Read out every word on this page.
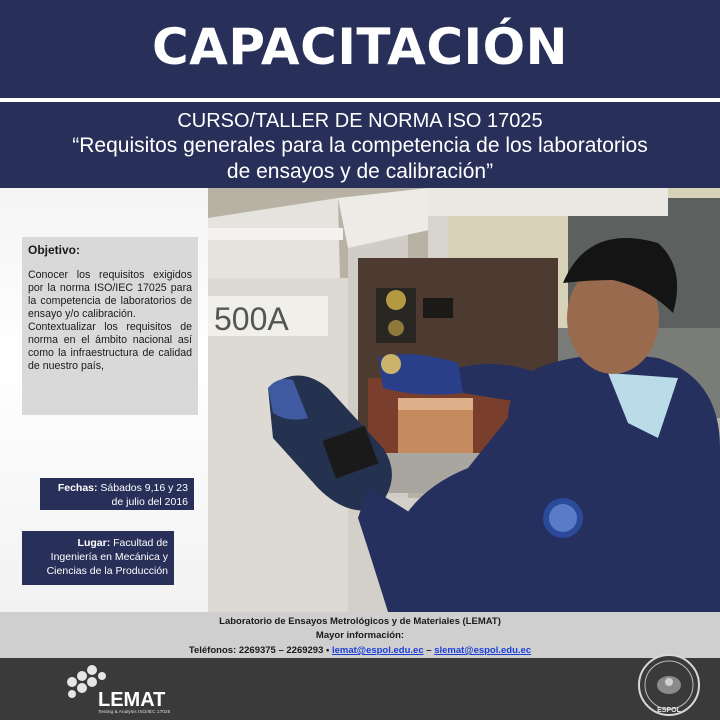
CAPACITACIÓN
CURSO/TALLER DE NORMA ISO 17025
“Requisitos generales para la competencia de los laboratorios
de ensayos y de calibración”
Objetivo:

Conocer los requisitos exigidos por la norma ISO/IEC 17025 para la competencia de laboratorios de ensayo y/o calibración.

Contextualizar los requisitos de norma en el ámbito nacional así como la infraestructura de calidad de nuestro país,

Fechas: Sábados 9,16 y 23
de julio del 2016
Lugar: Facultad de
Ingeniería en Mecánica y
Ciencias de la Producción
500A
Laboratorio de Ensayos Metrológicos y de Materiales (LEMAT)
Mayor información:
Teléfonos: 2269375 – 2269293 • lemat@espol.edu.ec – slemat@espol.edu.ec
LEMAT
Testing & Analysis ISO/IEC 17025	ESPOL
